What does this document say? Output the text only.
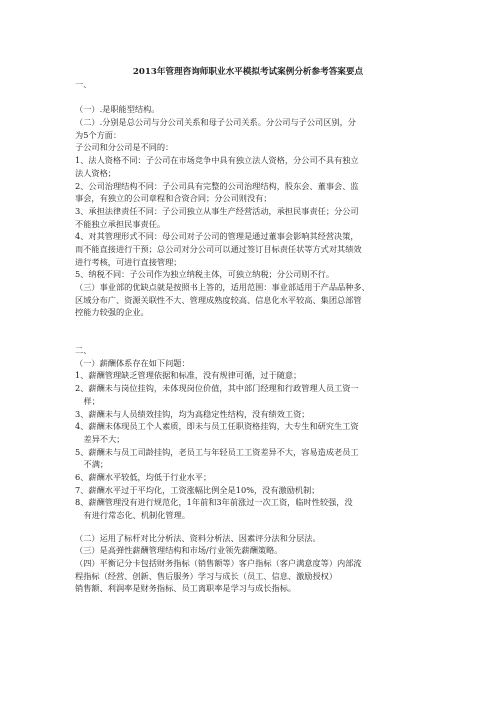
2013年管理咨询师职业水平模拟考试案例分析参考答案要点
一、
（一）.是职能型结构。
（二）.分别是总公司与分公司关系和母子公司关系。分公司与子公司区别，分
为5个方面：
子公司和分公司是不同的：
1、法人资格不同：子公司在市场竞争中具有独立法人资格，分公司不具有独立
法人资格；
2、公司治理结构不同：子公司具有完整的公司治理结构，股东会、董事会、监
事会，有独立的公司章程和合资合同；分公司则没有；
3、承担法律责任不同：子公司独立从事生产经营活动，承担民事责任；分公司
不能独立承担民事责任。
4、对其管理形式不同：母公司对子公司的管理是通过董事会影响其经营决策，
而不能直接进行干预；总公司对分公司可以通过签订目标责任状等方式对其绩效
进行考核，可进行直接管理；
5、纳税不同：子公司作为独立纳税主体，可独立纳税；分公司则不行。
（三）事业部的优缺点就是按照书上答的，适用范围：事业部适用于产品品种多、
区域分布广、资源关联性不大、管理成熟度较高、信息化水平较高、集团总部管
控能力较强的企业。
二、
（一）薪酬体系存在如下问题：
1、薪酬管理缺乏管理依据和标准，没有规律可循，过于随意；
2、薪酬未与岗位挂钩，未体现岗位价值，其中部门经理和行政管理人员工资一
样；
3、薪酬未与人员绩效挂钩，均为高稳定性结构，没有绩效工资；
4、薪酬未体现员工个人素质，即未与员工任职资格挂钩，大专生和研究生工资
差异不大；
5、薪酬未与员工司龄挂钩，老员工与年轻员工工资差异不大，容易造成老员工
不满；
6、薪酬水平较低，均低于行业水平；
7、薪酬水平过于平均化，工资涨幅比例全是10%，没有激励机制；
8、薪酬管理没有进行规范化，1年前和3年前涨过一次工资，临时性较强，没
有进行常态化、机制化管理。
（二）运用了标杆对比分析法、资料分析法、因素评分法和分层法。
（三）是高弹性薪酬管理结构和市场/行业领先薪酬策略。
（四）平衡记分卡包括财务指标（销售额等）客户指标（客户满意度等）内部流
程指标（经营、创新、售后服务）学习与成长（员工、信息、激励授权）
销售额、利润率是财务指标、员工离职率是学习与成长指标。
